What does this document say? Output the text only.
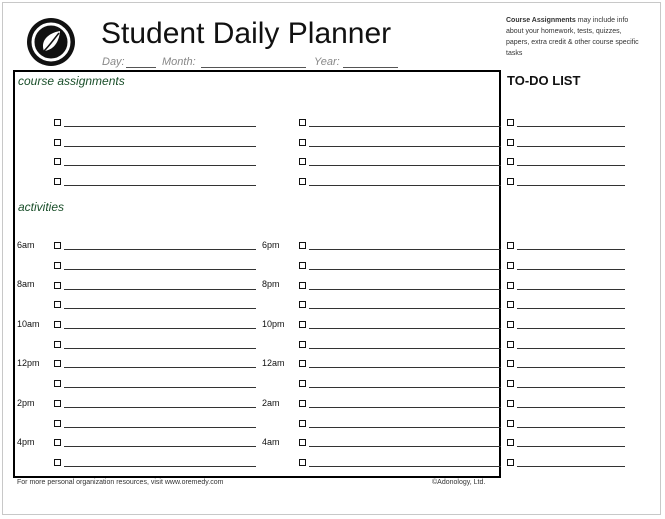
Student Daily Planner
Day:	Month:	Year:
Course Assignments may include info about your homework, tests, quizzes, papers, extra credit & other course specific tasks
course assignments
activities
TO-DO LIST
6am	6pm
8am	8pm
10am	10pm
12pm	12am
2pm	2am
4pm	4am
For more personal organization resources, visit www.oremedy.com	©Adonology, Ltd.
